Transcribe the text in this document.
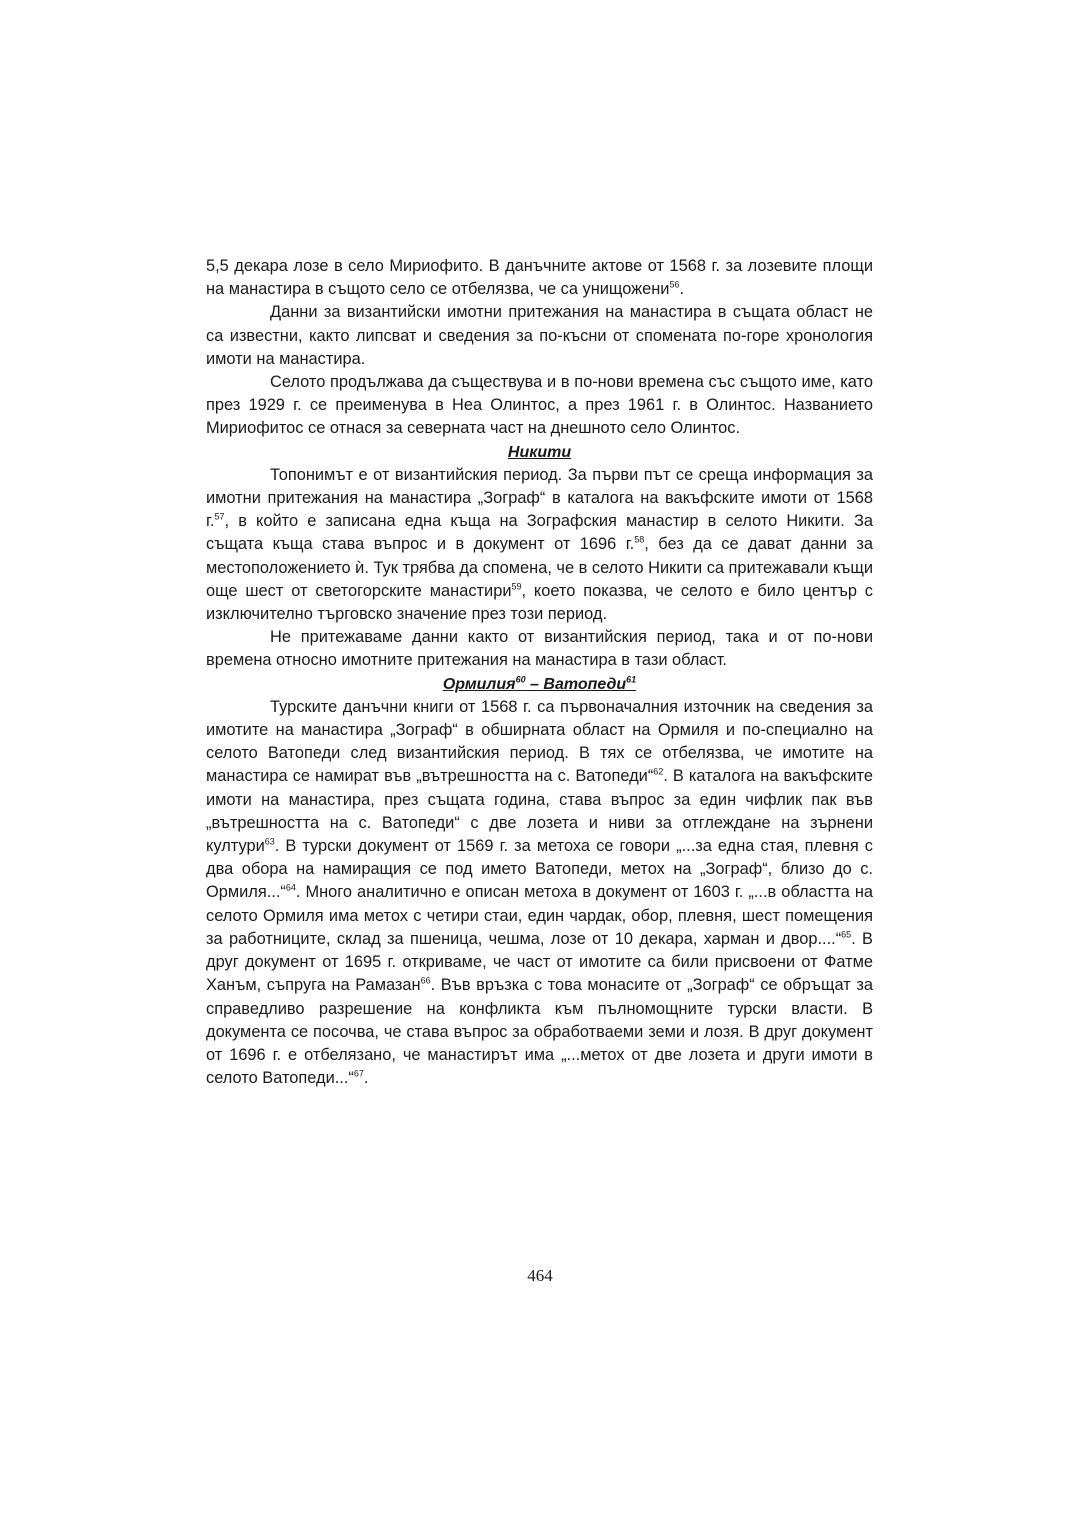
5,5 декара лозе в село Мириофито. В данъчните актове от 1568 г. за лозевите площи на манастира в същото село се отбелязва, че са унищожени$^{56}$.

Данни за византийски имотни притежания на манастира в същата област не са известни, както липсват и сведения за по-късни от спомената по-горе хронология имоти на манастира.

Селото продължава да съществува и в по-нови времена със същото име, като през 1929 г. се преименува в Неа Олинтос, а през 1961 г. в Олинтос. Названието Мириофитос се отнася за северната част на днешното село Олинтос.

Никити

Топонимът е от византийския период. За първи път се среща информация за имотни притежания на манастира „Зограф“ в каталога на вакъфските имоти от 1568 г.$^{57}$, в който е записана една къща на Зографския манастир в селото Никити. За същата къща става въпрос и в документ от 1696 г.$^{58}$, без да се дават данни за местоположението ѝ. Тук трябва да спомена, че в селото Никити са притежавали къщи още шест от светогорските манастири$^{59}$, което показва, че селото е било център с изключително търговско значение през този период.

Не притежаваме данни както от византийския период, така и от по-нови времена относно имотните притежания на манастира в тази област.

Ормилия$^{60}$ – Ватопеди$^{61}$

Турските данъчни книги от 1568 г. са първоначалния източник на сведения за имотите на манастира „Зограф“ в обширната област на Ормиля и по-специално на селото Ватопеди след византийския период. В тях се отбелязва, че имотите на манастира се намират във „вътрешността на с. Ватопеди“$^{62}$. В каталога на вакъфските имоти на манастира, през същата година, става въпрос за един чифлик пак във „вътрешността на с. Ватопеди“ с две лозета и ниви за отглеждане на зърнени култури$^{63}$. В турски документ от 1569 г. за метоха се говори „...за една стая, плевня с два обора на намиращия се под името Ватопеди, метох на „Зограф“, близо до с. Ормиля...“$^{64}$. Много аналитично е описан метоха в документ от 1603 г. „...в областта на селото Ормиля има метох с четири стаи, един чардак, обор, плевня, шест помещения за работниците, склад за пшеница, чешма, лозе от 10 декара, харман и двор....“$^{65}$. В друг документ от 1695 г. откриваме, че част от имотите са били присвоени от Фатме Ханъм, съпруга на Рамазан$^{66}$. Във връзка с това монасите от „Зограф“ се обръщат за справедливо разрешение на конфликта към пълномощните турски власти. В документа се посочва, че става въпрос за обработваеми земи и лозя. В друг документ от 1696 г. е отбелязано, че манастирът има „...метох от две лозета и други имоти в селото Ватопеди...“$^{67}$.

464
